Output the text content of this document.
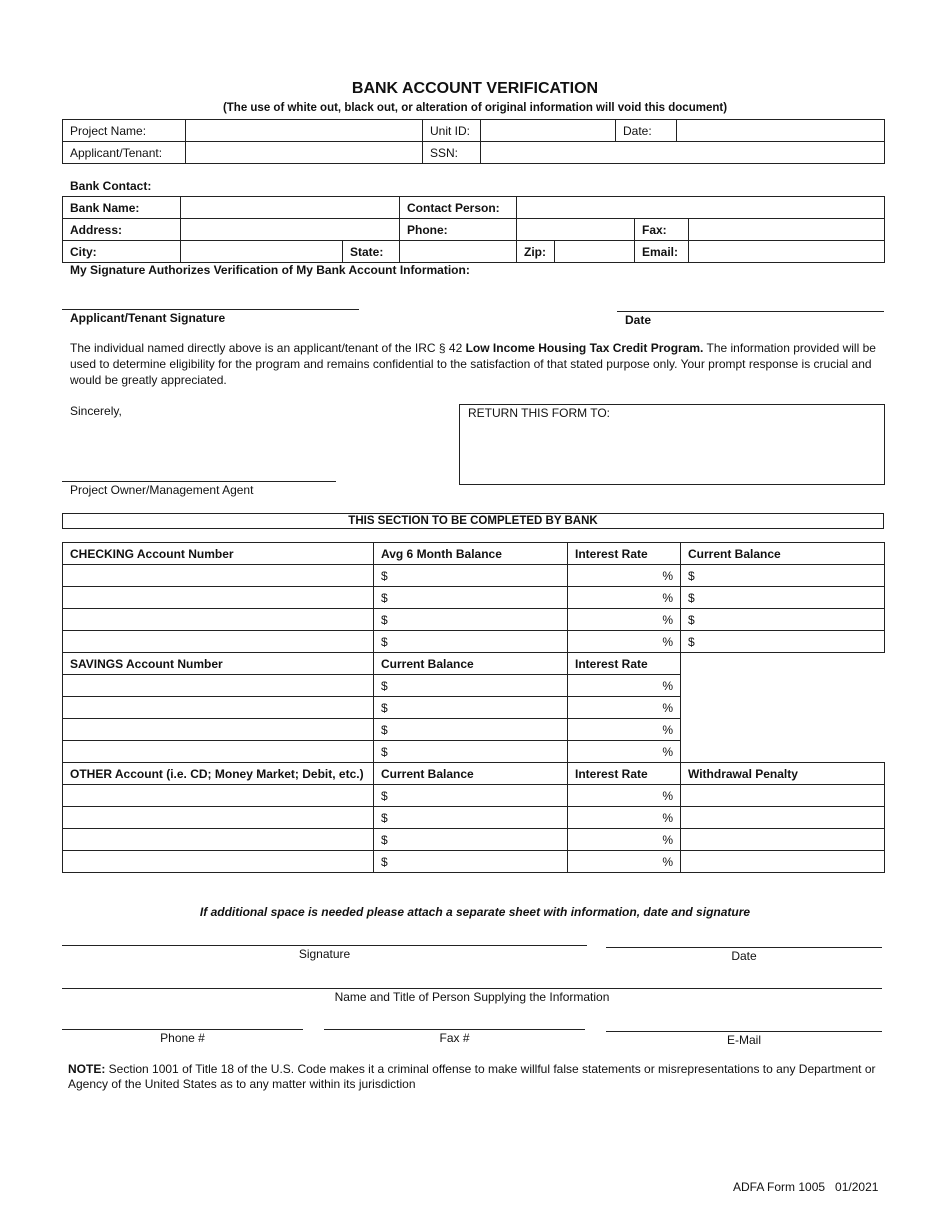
BANK ACCOUNT VERIFICATION
(The use of white out, black out, or alteration of original information will void this document)
Project Name:		Unit ID:		Date:	
Applicant/Tenant:		SSN:			
Bank Contact:
Bank Name:			Contact Person:				
Address:			Phone:			Fax:	
City:		State:		Zip:		Email:	
My Signature Authorizes Verification of My Bank Account Information:
Applicant/Tenant Signature	Date
The individual named directly above is an applicant/tenant of the IRC § 42 Low Income Housing Tax Credit Program. The information provided will be used to determine eligibility for the program and remains confidential to the satisfaction of that stated purpose only. Your prompt response is crucial and would be greatly appreciated.
Sincerely,
Project Owner/Management Agent
RETURN THIS FORM TO:
THIS SECTION TO BE COMPLETED BY BANK
CHECKING Account Number	Avg 6 Month Balance	Interest Rate	Current Balance
	$	%	$
	$	%	$
	$	%	$
	$	%	$
SAVINGS Account Number	Current Balance	Interest Rate	
	$	%	
	$	%	
	$	%	
	$	%	
OTHER Account (i.e. CD; Money Market; Debit, etc.)	Current Balance	Interest Rate	Withdrawal Penalty
	$	%	
	$	%	
	$	%	
	$	%	
If additional space is needed please attach a separate sheet with information, date and signature
Signature	Date
Name and Title of Person Supplying the Information
Phone #	Fax #	E-Mail
NOTE: Section 1001 of Title 18 of the U.S. Code makes it a criminal offense to make willful false statements or misrepresentations to any Department or Agency of the United States as to any matter within its jurisdiction
ADFA Form 1005   01/2021
